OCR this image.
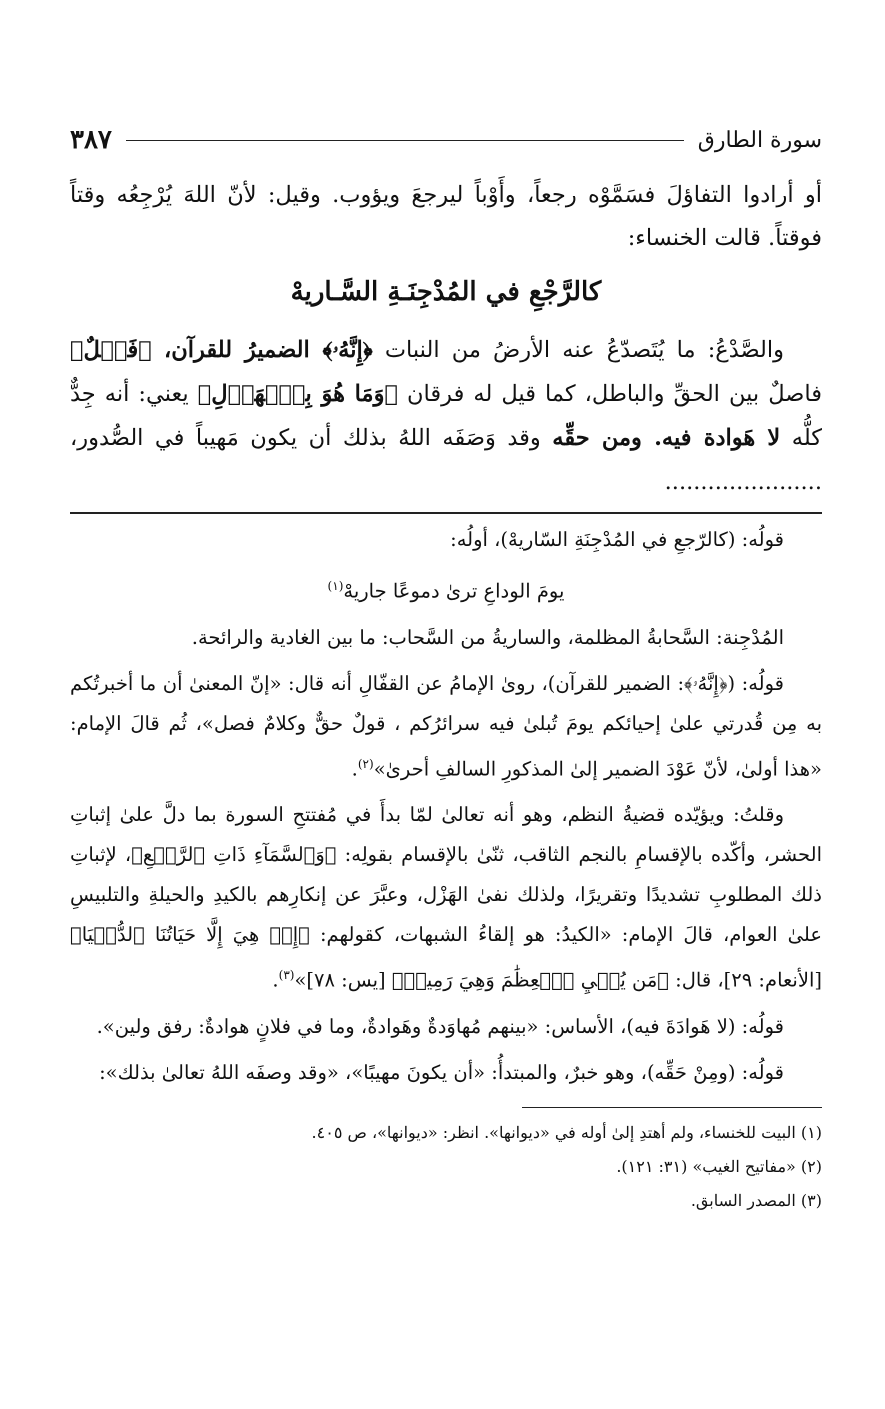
سورة الطارق
٣٨٧

أو أرادوا التفاؤلَ فسَمَّوْه رجعاً، وأَوْباً ليرجعَ ويؤوب. وقيل: لأنّ اللهَ يُرْجِعُه وقتاً فوقتاً. قالت الخنساء:

كالرَّجْعِ في المُدْجِنَـةِ السَّـاريهْ

والصَّدْعُ: ما يُتَصدّعُ عنه الأرضُ من النبات ﴿إِنَّهُۥ﴾ الضميرُ للقرآن، ﴿فَصۡلٌ﴾ فاصلٌ بين الحقِّ والباطل، كما قيل له فرقان ﴿وَمَا هُوَ بِٱلۡهَزۡلِ﴾ يعني: أنه جِدٌّ كلُّه لا هَوادة فيه. ومن حقِّه وقد وَصَفَه اللهُ بذلك أن يكون مَهيباً في الصُّدور، ......................

قولُه: (كالرّجعِ في المُدْجِنَةِ السّاريهْ)، أولُه:

يومَ الوداعِ ترىٰ دموعًا جاريهْ$^{(١)}$

المُدْجِنة: السَّحابةُ المظلمة، والساريةُ من السَّحاب: ما بين الغادية والرائحة.

قولُه: (﴿إِنَّهُۥ﴾: الضمير للقرآن)، روىٰ الإمامُ عن القفّالِ أنه قال: «إنّ المعنىٰ أن ما أخبرتُكم به مِن قُدرتي علىٰ إحيائكم يومَ تُبلىٰ فيه سرائرُكم ، قولٌ حقٌّ وكلامٌ فصل»، ثُم قالَ الإمام: «هذا أولىٰ، لأنّ عَوْدَ الضمير إلىٰ المذكورِ السالفِ أحرىٰ»$^{(٢)}$.

وقلتُ: ويؤيّده قضيةُ النظم، وهو أنه تعالىٰ لمّا بدأَ في مُفتتحِ السورة بما دلَّ علىٰ إثباتِ الحشر، وأكّده بالإقسامِ بالنجم الثاقب، ثنّىٰ بالإقسام بقولِه: ﴿وَٱلسَّمَآءِ ذَاتِ ٱلرَّجۡعِ﴾، لإثباتِ ذلك المطلوبِ تشديدًا وتقريرًا، ولذلك نفىٰ الهَزْل، وعبَّرَ عن إنكارِهم بالكيدِ والحيلةِ والتلبيسِ علىٰ العوام، قالَ الإمام: «الكيدُ: هو إلقاءُ الشبهات، كقولهم: ﴿إِنۡ هِيَ إِلَّا حَيَاتُنَا ٱلدُّنۡيَا﴾ [الأنعام: ٢٩]، قال: ﴿مَن يُحۡيِ ٱلۡعِظَٰمَ وَهِيَ رَمِيمٞ﴾ [يس: ٧٨]»$^{(٣)}$.

قولُه: (لا هَوادَةَ فيه)، الأساس: «بينهم مُهاوَدةٌ وهَوادةٌ، وما في فلانٍ هوادةٌ: رفق ولين».

قولُه: (ومِنْ حَقِّه)، وهو خبرٌ، والمبتدأُ: «أن يكونَ مهيبًا»، «وقد وصفَه اللهُ تعالىٰ بذلك»:

(١) البيت للخنساء، ولم أهتدِ إلىٰ أوله في «ديوانها». انظر: «ديوانها»، ص ٤٠٥.
(٢) «مفاتيح الغيب» (٣١: ١٢١).
(٣) المصدر السابق.
